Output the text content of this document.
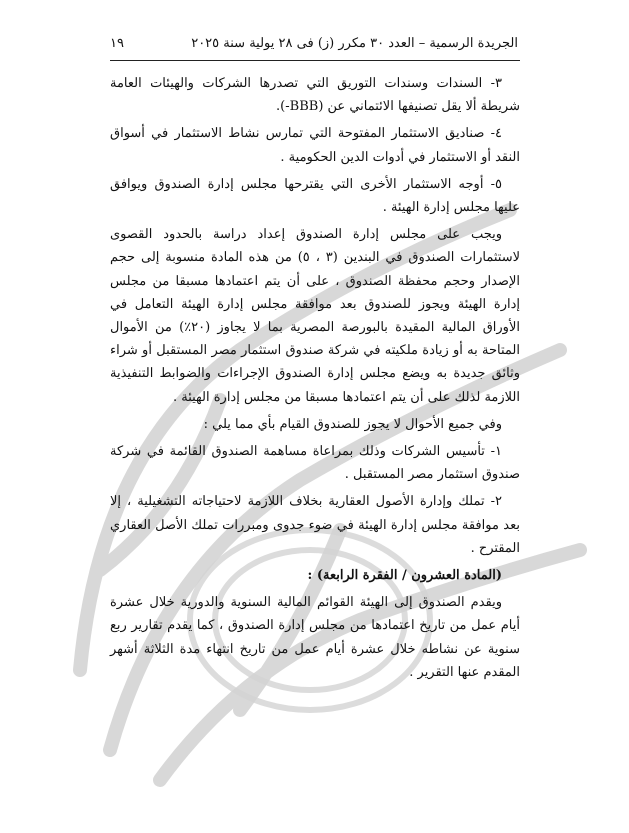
الجريدة الرسمية – العدد ٣٠ مكرر (ز) فى ٢٨ يولية سنة ٢٠٢٥
١٩

٣- السندات وسندات التوريق التي تصدرها الشركات والهيئات العامة شريطة ألا يقل تصنيفها الائتماني عن (BBB-).

٤- صناديق الاستثمار المفتوحة التي تمارس نشاط الاستثمار في أسواق النقد أو الاستثمار في أدوات الدين الحكومية .

٥- أوجه الاستثمار الأخرى التي يقترحها مجلس إدارة الصندوق ويوافق عليها مجلس إدارة الهيئة .

ويجب على مجلس إدارة الصندوق إعداد دراسة بالحدود القصوى لاستثمارات الصندوق في البندين (٣ ، ٥) من هذه المادة منسوبة إلى حجم الإصدار وحجم محفظة الصندوق ، على أن يتم اعتمادها مسبقا من مجلس إدارة الهيئة ويجوز للصندوق بعد موافقة مجلس إدارة الهيئة التعامل في الأوراق المالية المقيدة بالبورصة المصرية بما لا يجاوز (٢٠٪) من الأموال المتاحة به أو زيادة ملكيته في شركة صندوق استثمار مصر المستقبل أو شراء وثائق جديدة به ويضع مجلس إدارة الصندوق الإجراءات والضوابط التنفيذية اللازمة لذلك على أن يتم اعتمادها مسبقا من مجلس إدارة الهيئة .

وفي جميع الأحوال لا يجوز للصندوق القيام بأي مما يلي :

١- تأسيس الشركات وذلك بمراعاة مساهمة الصندوق القائمة في شركة صندوق استثمار مصر المستقبل .

٢- تملك وإدارة الأصول العقارية بخلاف اللازمة لاحتياجاته التشغيلية ، إلا بعد موافقة مجلس إدارة الهيئة في ضوء جدوى ومبررات تملك الأصل العقاري المقترح .

(المادة العشرون / الفقرة الرابعة) :

ويقدم الصندوق إلى الهيئة القوائم المالية السنوية والدورية خلال عشرة أيام عمل من تاريخ اعتمادها من مجلس إدارة الصندوق ، كما يقدم تقارير ربع سنوية عن نشاطه خلال عشرة أيام عمل من تاريخ انتهاء مدة الثلاثة أشهر المقدم عنها التقرير .
